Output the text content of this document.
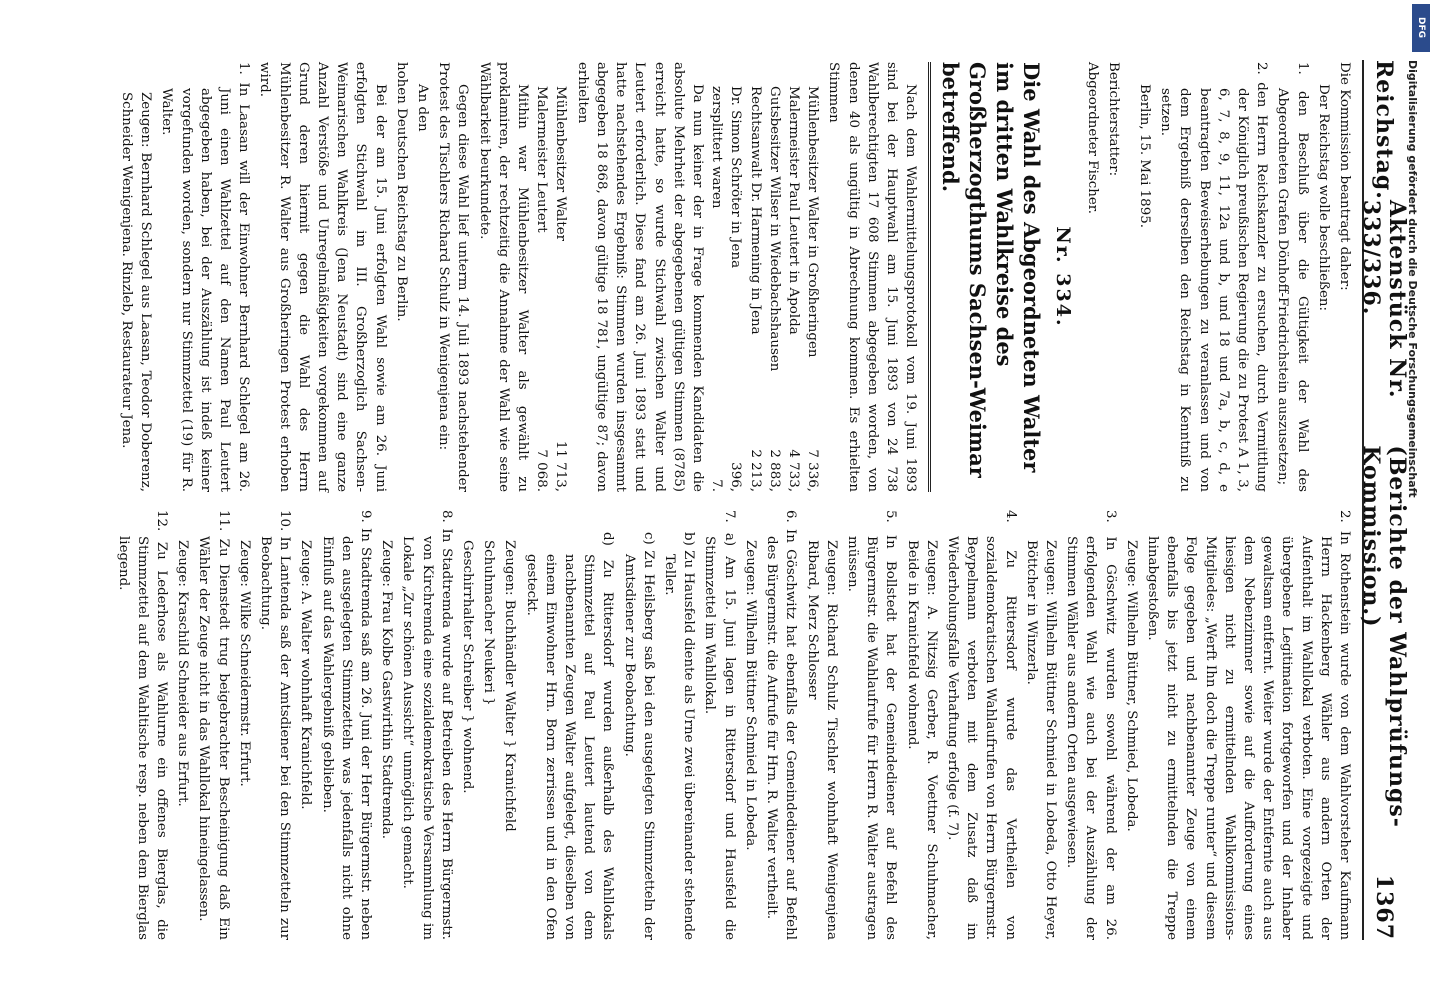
Reichstag.
Aktenstück Nr. 333/336.
(Berichte der Wahlprüfungs-Kommission.)
1367

Die Kommission beantragt daher:

Der Reichstag wolle beschließen:

1. den Beschluß über die Gültigkeit der Wahl des Abgeordneten Grafen Dönhoff-Friedrichstein auszusetzen;

2. den Herrn Reichskanzler zu ersuchen, durch Vermittlung der Königlich preußischen Regierung die zu Protest A 1, 3, 6, 7, 8, 9, 11, 12a und b, und 18 und 7a, b, c, d, e beantragten Beweiserhebungen zu veranlassen und von dem Ergebniß derselben den Reichstag in Kenntniß zu setzen.

Berlin, 15. Mai 1895.

Berichterstatter:

Abgeordneter Fischer.

Nr. 334.
Die Wahl des Abgeordneten Walter im dritten Wahlkreise des Großherzogthums Sachsen-Weimar betreffend.

Nach dem Wahlermittelungsprotokoll vom 19. Juni 1893 sind bei der Hauptwahl am 15. Juni 1893 von 24 738 Wahlberechtigten 17 608 Stimmen abgegeben worden, von denen 40 als ungültig in Abrechnung kommen. Es erhielten Stimmen

Mühlenbesitzer Walter in Großheringen
7 336,
Malermeister Paul Leutert in Apolda
4 733,
Gutsbesitzer Wilser in Wiedebachshausen
2 883,
Rechtsanwalt Dr. Harmening in Jena
2 213,
Dr. Simon Schröter in Jena
396,
zersplittert waren
7.

Da nun keiner der in Frage kommenden Kandidaten die absolute Mehrheit der abgegebenen gültigen Stimmen (8785) erreicht hatte, so wurde Stichwahl zwischen Walter und Leutert erforderlich. Diese fand am 26. Juni 1893 statt und hatte nachstehendes Ergebniß: Stimmen wurden insgesammt abgegeben 18 868, davon gültige 18 781, ungültige 87; davon erhielten

Mühlenbesitzer Walter
11 713,
Malermeister Leutert
7 068.

Mithin war Mühlenbesitzer Walter als gewählt zu proklamiren, der rechtzeitig die Annahme der Wahl wie seine Wählbarkeit beurkundete.

Gegen diese Wahl lief unterm 14. Juli 1893 nachstehender Protest des Tischlers Richard Schulz in Wenigenjena ein:

An den

hohen Deutschen Reichstag zu Berlin.

Bei der am 15. Juni erfolgten Wahl sowie am 26. Juni erfolgten Stichwahl im III. Großherzoglich Sachsen-Weimarischen Wahlkreis (Jena Neustadt) sind eine ganze Anzahl Verstöße und Unregelmäßigkeiten vorgekommen auf Grund deren hiermit gegen die Wahl des Herrn Mühlenbesitzer R. Walter aus Großheringen Protest erhoben wird.

1. In Laasan will der Einwohner Bernhard Schlegel am 26. Juni einen Wahlzettel auf den Namen Paul Leutert abgegeben haben, bei der Auszählung ist indeß keiner vorgefunden worden, sondern nur Stimmzettel (19) für R. Walter.

Zeugen: Bernhard Schlegel aus Laasan, Teodor Doberenz, Schneider Wenigenjena. Rinzleb, Restaurateur Jena.

2. In Rothenstein wurde von dem Wahlvorsteher Kaufmann Herrn Hackenberg Wähler aus andern Orten der Aufenthalt im Wahllokal verboten. Eine vorgezeigte und übergebene Legitimation fortgeworfen und der Inhaber gewaltsam entfernt. Weiter wurde der Entfernte auch aus dem Nebenzimmer sowie auf die Aufforderung eines hiesigen nicht zu ermittelnden Wahlkommissions-Mitgliedes: „Werft Ihn doch die Treppe runter“ und diesem Folge gegeben und nachbenannter Zeuge von einem ebenfalls bis jetzt nicht zu ermittelnden die Treppe hinabgestoßen.

Zeuge: Wilhelm Büttner, Schmied, Lobeda.

3. In Göschwitz wurden sowohl während der am 26. erfolgenden Wahl wie auch bei der Auszählung der Stimmen Wähler aus andern Orten ausgewiesen.

Zeugen: Wilhelm Büttner Schmied in Lobeda, Otto Heyer, Böttcher in Winzerla.

4. Zu Rittersdorf wurde das Vertheilen von sozialdemokratischen Wahlaufrufen von Herrn Bürgermstr. Beypelmann verboten mit dem Zusatz daß im Wiederholungsfalle Verhaftung erfolge (f. 7).

Zeugen: A. Nitzsig Gerber, R. Voettner Schuhmacher, Beide in Kranichfeld wohnend.

5. In Bollstedt hat der Gemeindediener auf Befehl des Bürgermstr. die Wahlaufrufe für Herrn R. Walter austragen müssen.

Zeugen: Richard Schulz Tischler wohnhaft Wenigenjena Ribard, Merz Schlosser

6. In Göschwitz hat ebenfalls der Gemeindediener auf Befehl des Bürgermstr. die Aufrufe für Hrn. R. Walter vertheilt.

Zeugen: Wilhelm Büttner Schmied in Lobeda.

7. a) Am 15. Juni lagen in Rittersdorf und Hausfeld die Stimmzettel im Wahllokal.

b) Zu Hausfeld diente als Urne zwei übereinander stehende Teller.

c) Zu Heilsberg saß bei den ausgelegten Stimmzetteln der Amtsdiener zur Beobachtung.

d) Zu Rittersdorf wurden außerhalb des Wahllokals Stimmzettel auf Paul Leutert lautend von dem nachbenannten Zeugen Walter aufgelegt, dieselben von einem Einwohner Hrn. Born zerrissen und in den Ofen gesteckt.

Zeugen: Buchhändler Walter } Kranichfeld

Schuhmacher Neukeri }

Geschirrhalter Schreiber } wohnend.

8. In Stadtremda wurde auf Betreiben des Herrn Bürgermstr. von Kirchremda eine sozialdemokratische Versammlung im Lokale „Zur schönen Aussicht“ unmöglich gemacht.

Zeuge: Frau Kolbe Gastwirthin Stadtremda.

9. In Stadtremda saß am 26. Juni der Herr Bürgermstr. neben den ausgelegten Stimmzetteln was jedenfalls nicht ohne Einfluß auf das Wahlergebniß geblieben.

Zeuge: A. Walter wohnhaft Kranichfeld.

10. In Lantenda saß der Amtsdiener bei den Stimmzetteln zur Beobachtung.

Zeuge: Wilke Schneidermstr. Erfurt.

11. Zu Dienstedt trug beigebrachter Bescheinigung daß Ein Wähler der Zeuge nicht in das Wahllokal hineingelassen.

Zeuge: Kraschild Schneider aus Erfurt.

12. Zu Lederhose als Wahlurne ein offenes Bierglas, die Stimmzettel auf dem Wahltische resp. neben dem Bierglas liegend.

DFG
Digitalisierung gefördert durch die Deutsche Forschungsgemeinschaft
